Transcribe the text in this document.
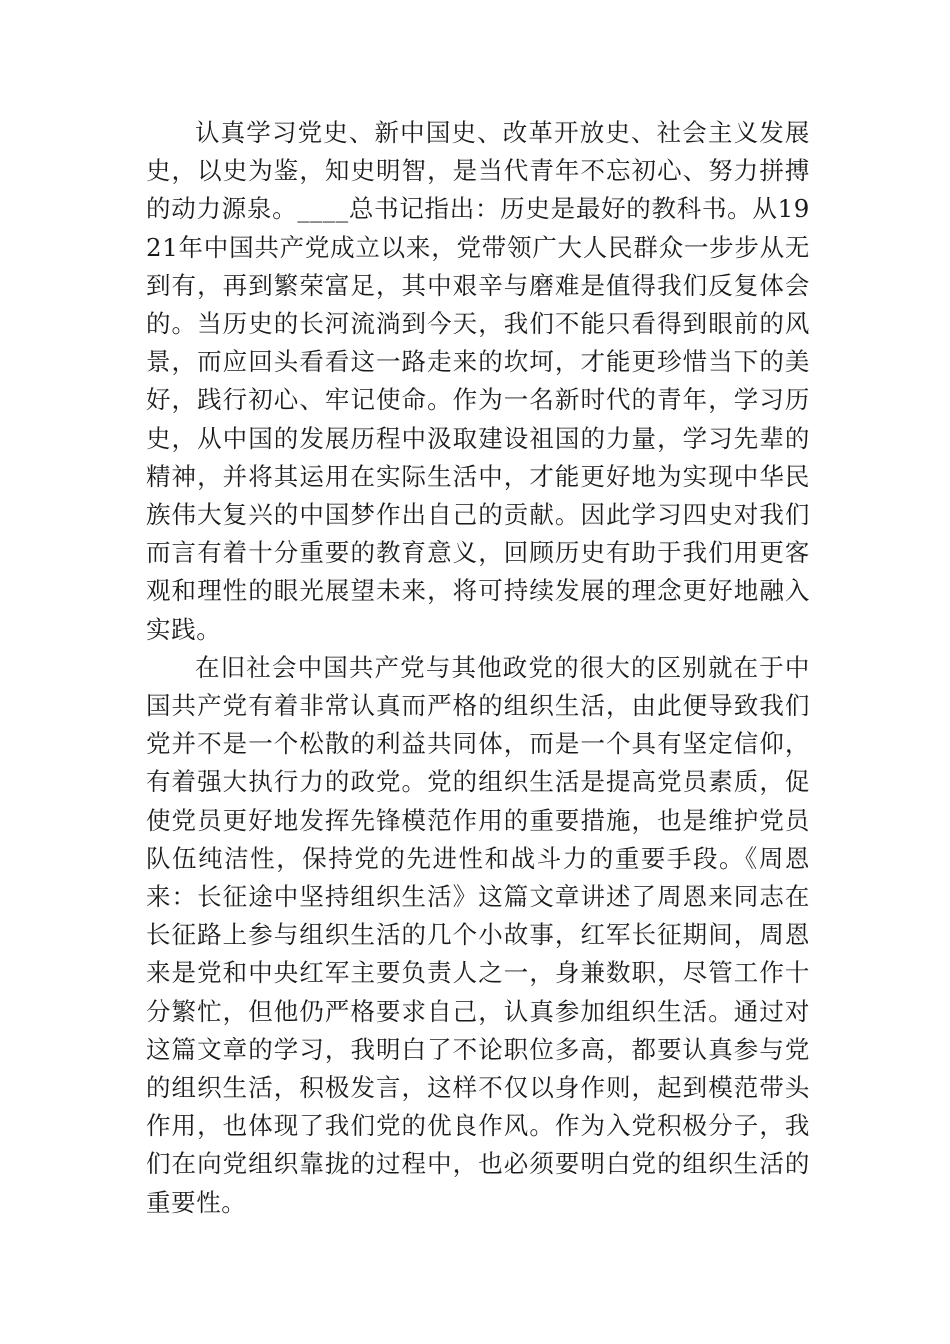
认真学习党史、新中国史、改革开放史、社会主义发展史，以史为鉴，知史明智，是当代青年不忘初心、努力拼搏的动力源泉。____总书记指出：历史是最好的教科书。从1921年中国共产党成立以来，党带领广大人民群众一步步从无到有，再到繁荣富足，其中艰辛与磨难是值得我们反复体会的。当历史的长河流淌到今天，我们不能只看得到眼前的风景，而应回头看看这一路走来的坎坷，才能更珍惜当下的美好，践行初心、牢记使命。作为一名新时代的青年，学习历史，从中国的发展历程中汲取建设祖国的力量，学习先辈的精神，并将其运用在实际生活中，才能更好地为实现中华民族伟大复兴的中国梦作出自己的贡献。因此学习四史对我们而言有着十分重要的教育意义，回顾历史有助于我们用更客观和理性的眼光展望未来，将可持续发展的理念更好地融入实践。

在旧社会中国共产党与其他政党的很大的区别就在于中国共产党有着非常认真而严格的组织生活，由此便导致我们党并不是一个松散的利益共同体，而是一个具有坚定信仰，有着强大执行力的政党。党的组织生活是提高党员素质，促使党员更好地发挥先锋模范作用的重要措施，也是维护党员队伍纯洁性，保持党的先进性和战斗力的重要手段。《周恩来：长征途中坚持组织生活》这篇文章讲述了周恩来同志在长征路上参与组织生活的几个小故事，红军长征期间，周恩来是党和中央红军主要负责人之一，身兼数职，尽管工作十分繁忙，但他仍严格要求自己，认真参加组织生活。通过对这篇文章的学习，我明白了不论职位多高，都要认真参与党的组织生活，积极发言，这样不仅以身作则，起到模范带头作用，也体现了我们党的优良作风。作为入党积极分子，我们在向党组织靠拢的过程中，也必须要明白党的组织生活的重要性。
